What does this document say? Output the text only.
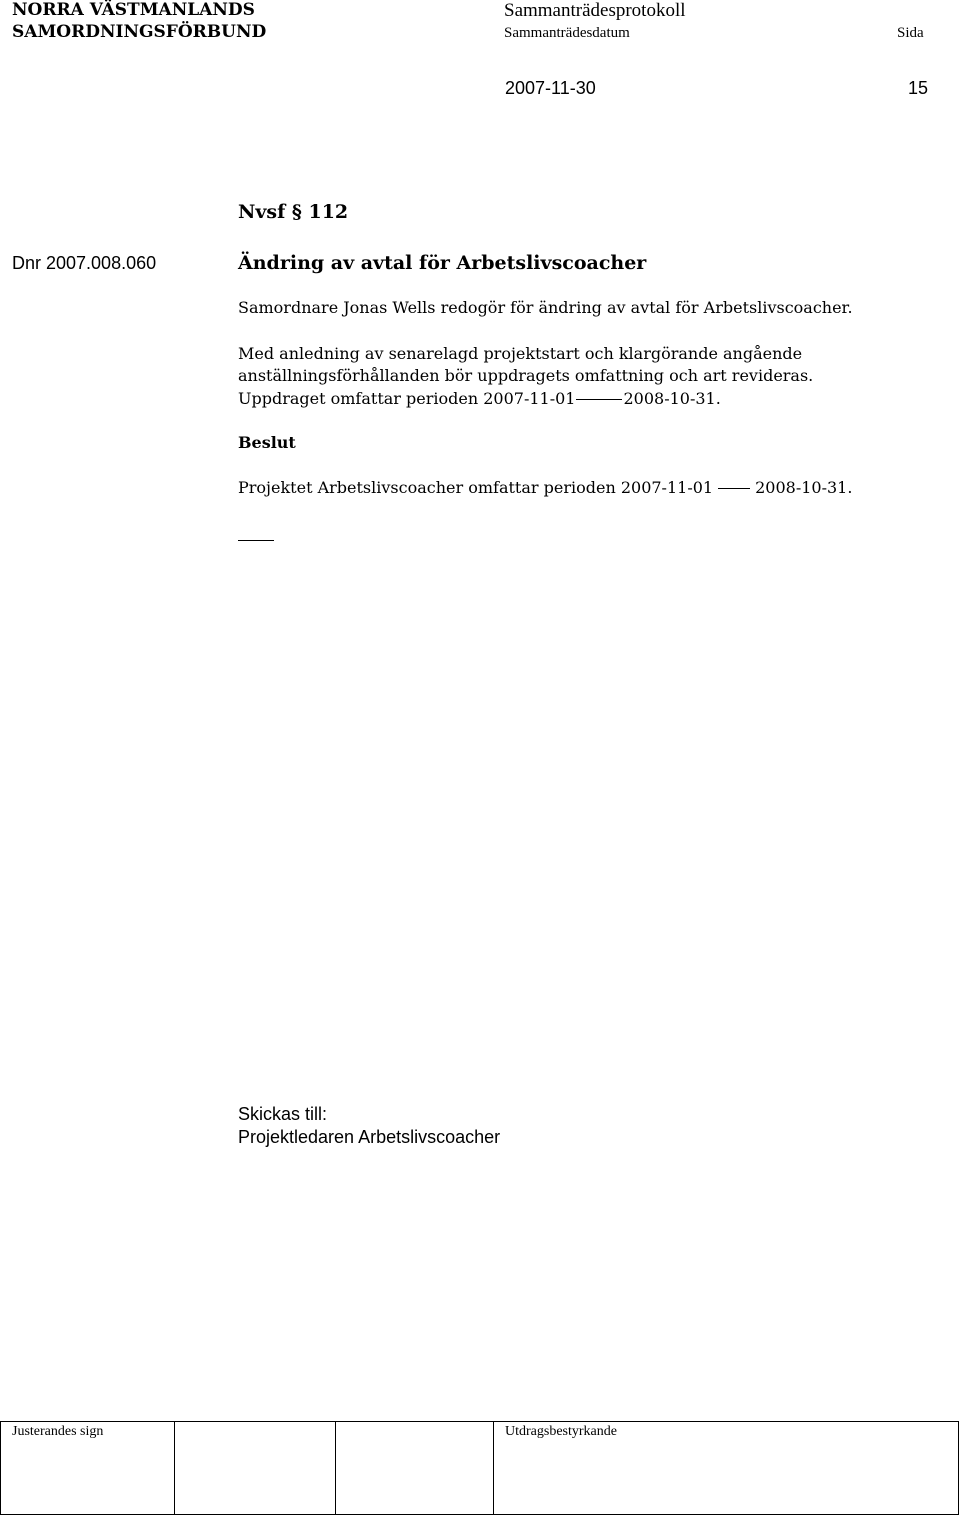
NORRA VÄSTMANLANDS
SAMORDNINGSFÖRBUND
Sammanträdesprotokoll
Sammanträdesdatum	Sida
2007-11-30	15
Nvsf § 112
Dnr 2007.008.060	Ändring av avtal för Arbetslivscoacher
Samordnare Jonas Wells redogör för ändring av avtal för Arbetslivscoacher.
Med anledning av senarelagd projektstart och klargörande angående
anställningsförhållanden bör uppdragets omfattning och art revideras.
Uppdraget omfattar perioden 2007-11-01	2008-10-31.
Beslut
Projektet Arbetslivscoacher omfattar perioden 2007-11-01	2008-10-31.
Skickas till:
Projektledaren Arbetslivscoacher
Justerandes sign			Utdragsbestyrkande
